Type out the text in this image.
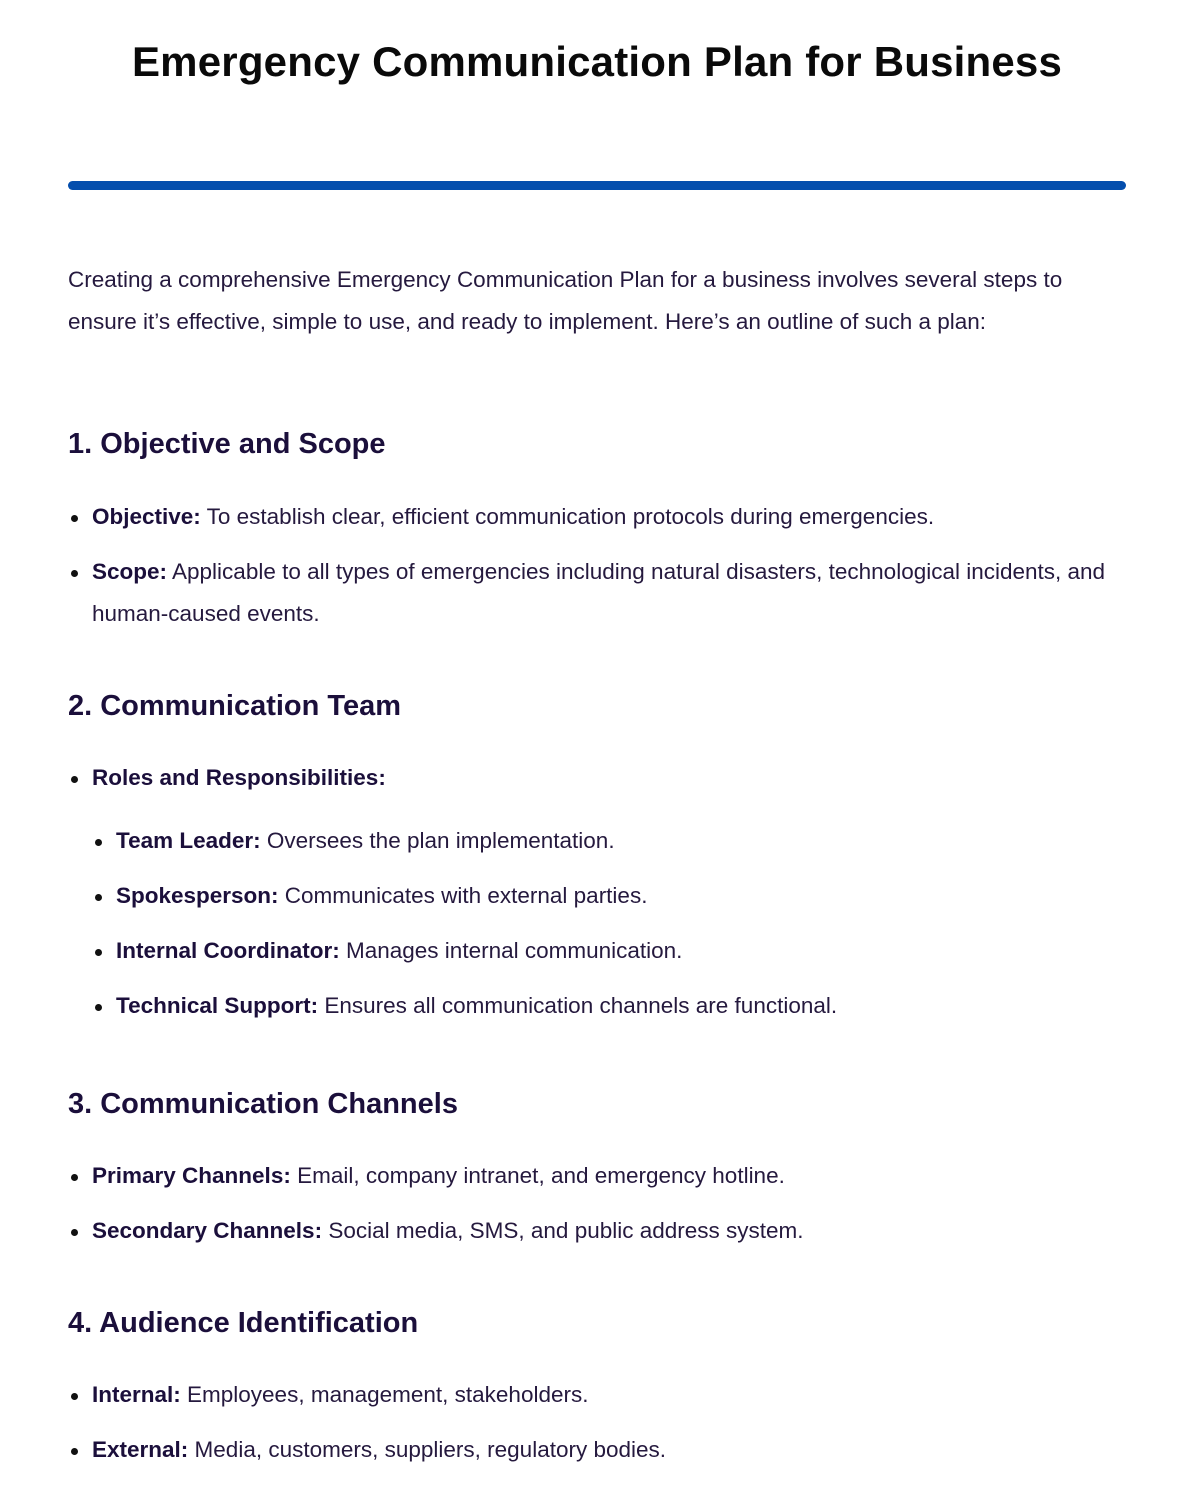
Emergency Communication Plan for Business

Creating a comprehensive Emergency Communication Plan for a business involves several steps to ensure it’s effective, simple to use, and ready to implement. Here’s an outline of such a plan:

1. Objective and Scope
Objective: To establish clear, efficient communication protocols during emergencies.
Scope: Applicable to all types of emergencies including natural disasters, technological incidents, and human-caused events.
2. Communication Team
Roles and Responsibilities:
Team Leader: Oversees the plan implementation.
Spokesperson: Communicates with external parties.
Internal Coordinator: Manages internal communication.
Technical Support: Ensures all communication channels are functional.
3. Communication Channels
Primary Channels: Email, company intranet, and emergency hotline.
Secondary Channels: Social media, SMS, and public address system.
4. Audience Identification
Internal: Employees, management, stakeholders.
External: Media, customers, suppliers, regulatory bodies.
